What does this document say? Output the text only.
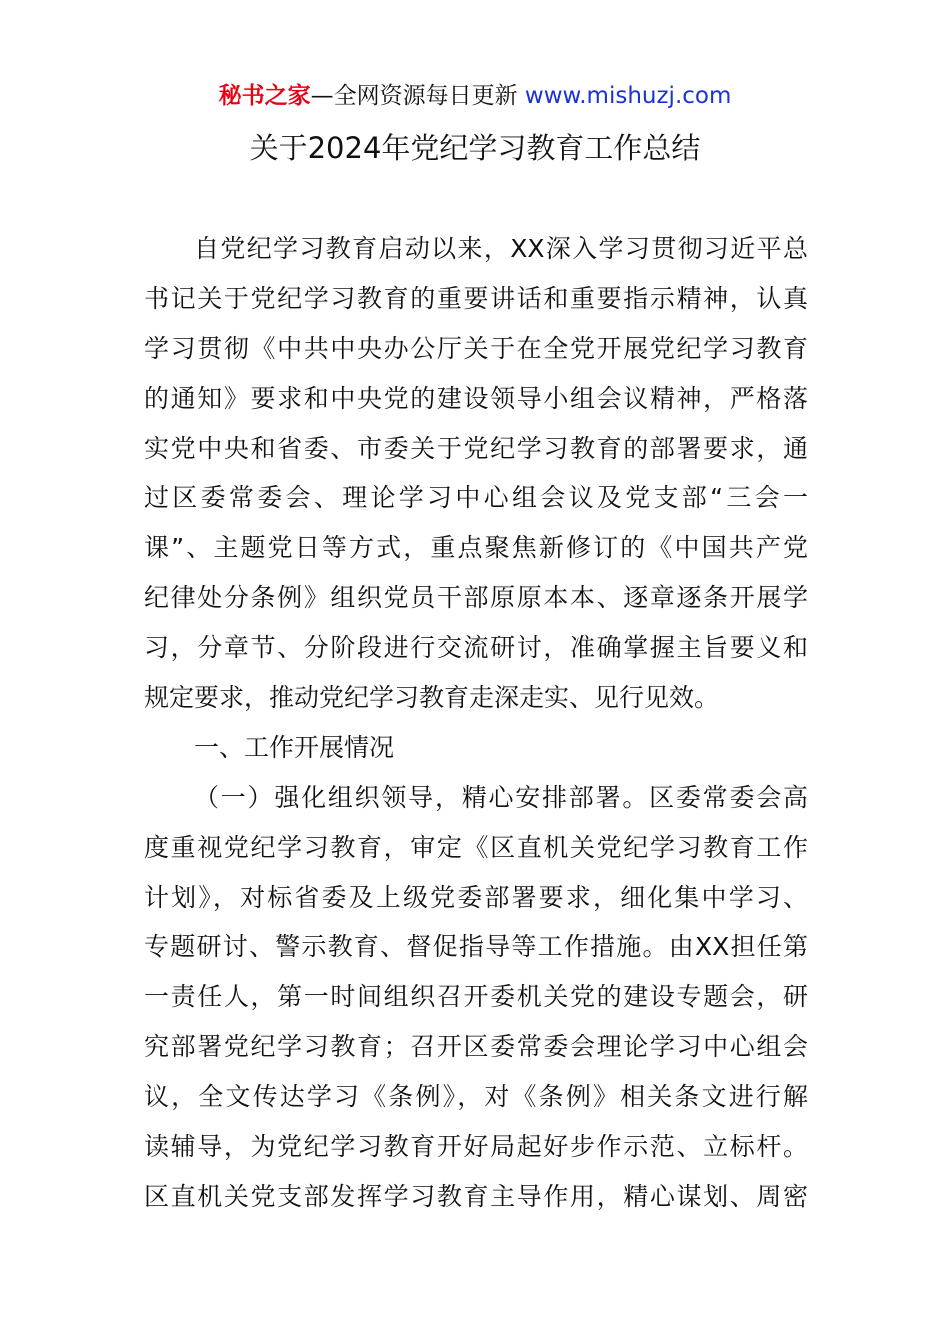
秘书之家—全网资源每日更新 www.mishuzj.com
关于2024年党纪学习教育工作总结
自党纪学习教育启动以来，XX深入学习贯彻习近平总
书记关于党纪学习教育的重要讲话和重要指示精神，认真
学习贯彻《中共中央办公厅关于在全党开展党纪学习教育
的通知》要求和中央党的建设领导小组会议精神，严格落
实党中央和省委、市委关于党纪学习教育的部署要求，通
过区委常委会、理论学习中心组会议及党支部“三会一
课”、主题党日等方式，重点聚焦新修订的《中国共产党
纪律处分条例》组织党员干部原原本本、逐章逐条开展学
习，分章节、分阶段进行交流研讨，准确掌握主旨要义和
规定要求，推动党纪学习教育走深走实、见行见效。
一、工作开展情况
（一）强化组织领导，精心安排部署。区委常委会高
度重视党纪学习教育，审定《区直机关党纪学习教育工作
计划》，对标省委及上级党委部署要求，细化集中学习、
专题研讨、警示教育、督促指导等工作措施。由XX担任第
一责任人，第一时间组织召开委机关党的建设专题会，研
究部署党纪学习教育；召开区委常委会理论学习中心组会
议，全文传达学习《条例》，对《条例》相关条文进行解
读辅导，为党纪学习教育开好局起好步作示范、立标杆。
区直机关党支部发挥学习教育主导作用，精心谋划、周密
